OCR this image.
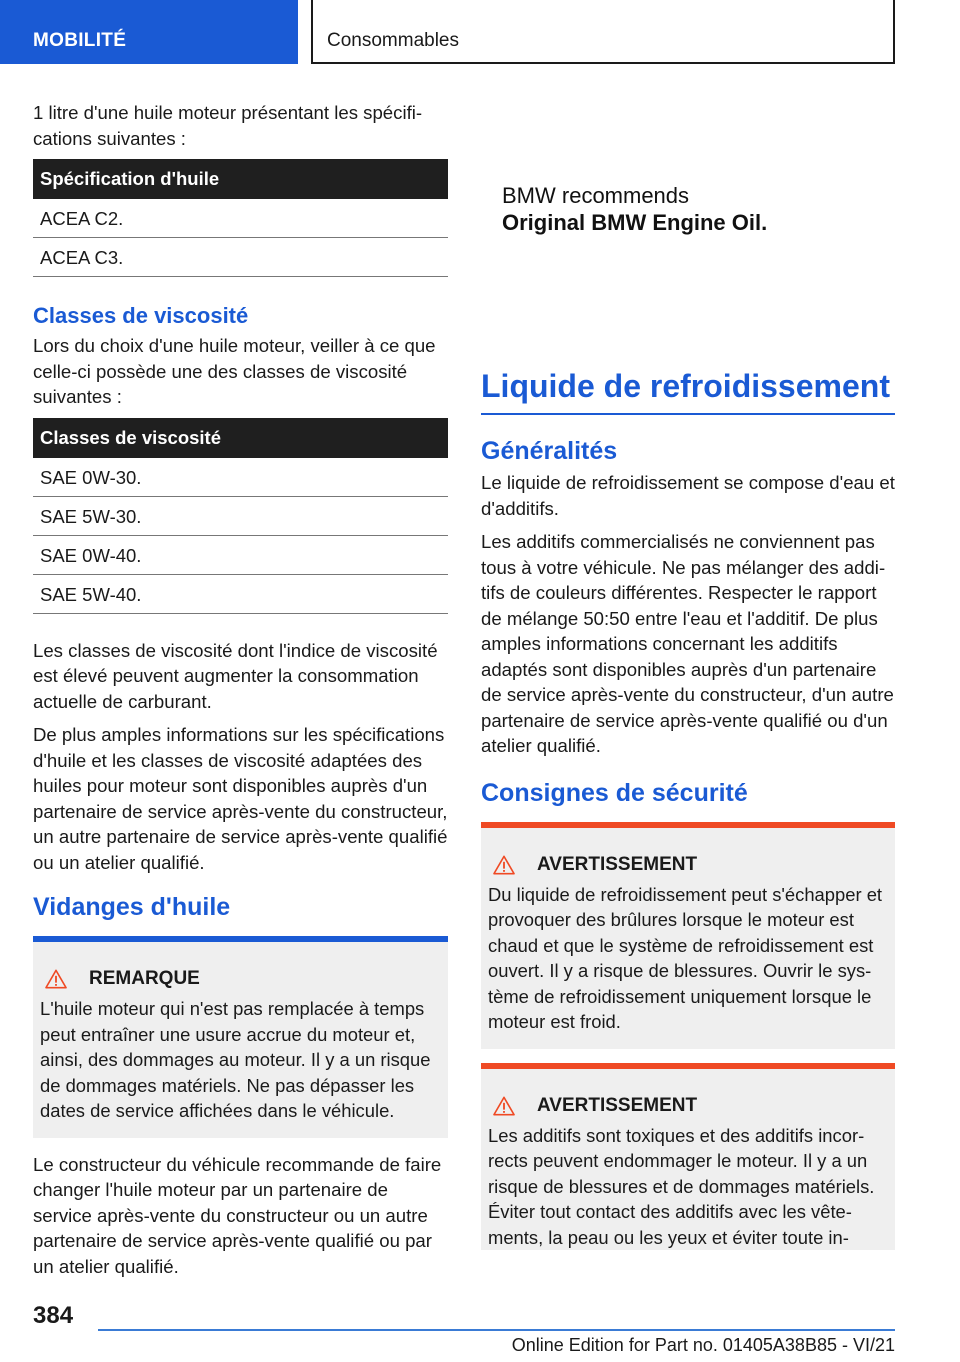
MOBILITÉ	Consommables

1 litre d'une huile moteur présentant les spécifications suivantes :

Spécification d'huile
ACEA C2.
ACEA C3.
Classes de viscosité

Lors du choix d'une huile moteur, veiller à ce que celle-ci possède une des classes de viscosité suivantes :

Classes de viscosité
SAE 0W-30.
SAE 5W-30.
SAE 0W-40.
SAE 5W-40.

Les classes de viscosité dont l'indice de viscosité est élevé peuvent augmenter la consommation actuelle de carburant.

De plus amples informations sur les spécifications d'huile et les classes de viscosité adaptées des huiles pour moteur sont disponibles auprès d'un partenaire de service après-vente du constructeur, un autre partenaire de service après-vente qualifié ou un atelier qualifié.

Vidanges d'huile
REMARQUE

L'huile moteur qui n'est pas remplacée à temps peut entraîner une usure accrue du moteur et, ainsi, des dommages au moteur. Il y a un risque de dommages matériels. Ne pas dépasser les dates de service affichées dans le véhicule.

Le constructeur du véhicule recommande de faire changer l'huile moteur par un partenaire de service après-vente du constructeur ou un autre partenaire de service après-vente qualifié ou par un atelier qualifié.

BMW recommends
Original BMW Engine Oil.
Liquide de refroidissement
Généralités

Le liquide de refroidissement se compose d'eau et d'additifs.

Les additifs commercialisés ne conviennent pas tous à votre véhicule. Ne pas mélanger des additifs de couleurs différentes. Respecter le rapport de mélange 50:50 entre l'eau et l'additif. De plus amples informations concernant les additifs adaptés sont disponibles auprès d'un partenaire de service après-vente du constructeur, d'un autre partenaire de service après-vente qualifié ou d'un atelier qualifié.

Consignes de sécurité
AVERTISSEMENT

Du liquide de refroidissement peut s'échapper et provoquer des brûlures lorsque le moteur est chaud et que le système de refroidissement est ouvert. Il y a risque de blessures. Ouvrir le système de refroidissement uniquement lorsque le moteur est froid.

AVERTISSEMENT

Les additifs sont toxiques et des additifs incorrects peuvent endommager le moteur. Il y a un risque de blessures et de dommages matériels. Éviter tout contact des additifs avec les vêtements, la peau ou les yeux et éviter toute in-

384
Online Edition for Part no. 01405A38B85 - VI/21
